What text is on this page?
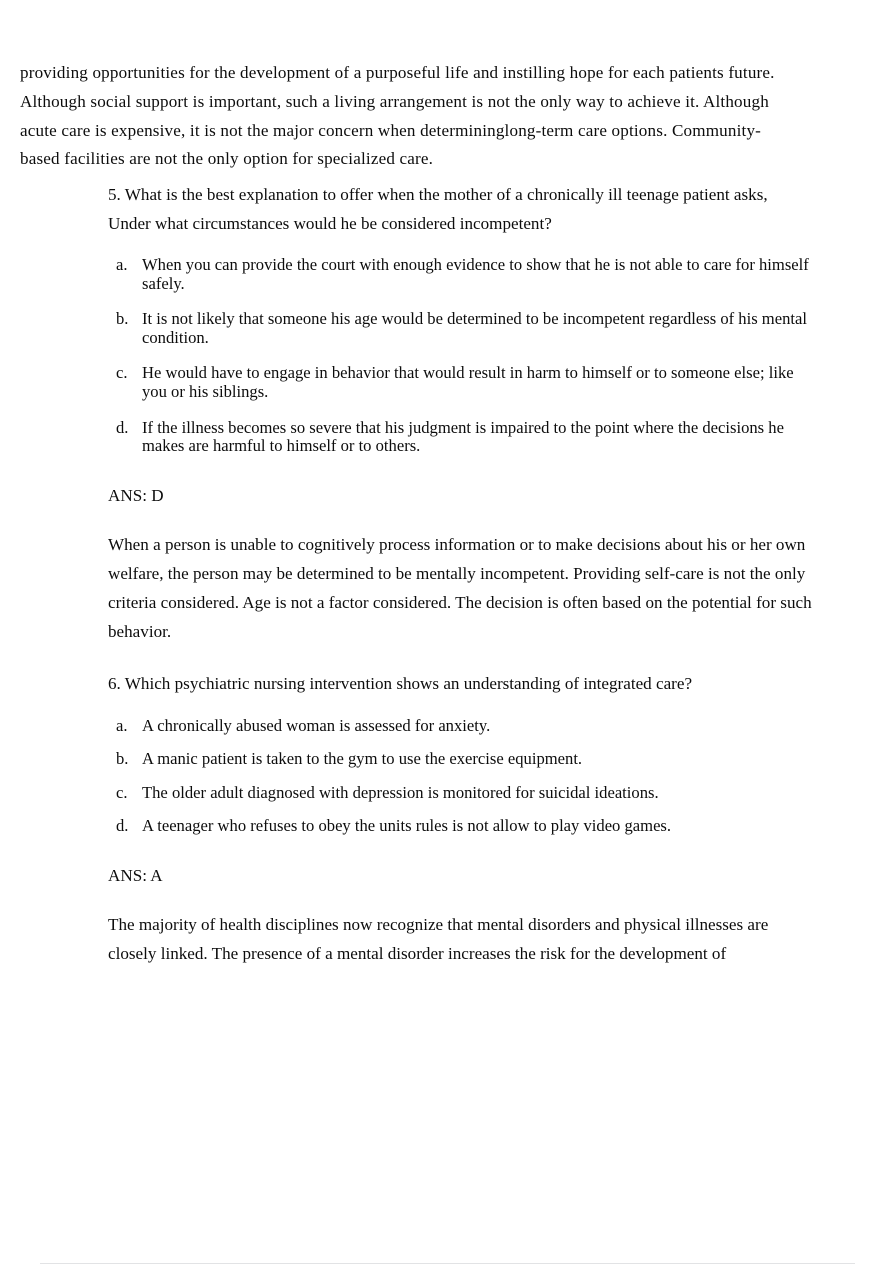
providing opportunities for the development of a purposeful life and instilling hope for each patients future. Although social support is important, such a living arrangement is not the only way to achieve it. Although acute care is expensive, it is not the major concern when determininglong-term care options. Community-based facilities are not the only option for specialized care.

5. What is the best explanation to offer when the mother of a chronically ill teenage patient asks, Under what circumstances would he be considered incompetent?

a. When you can provide the court with enough evidence to show that he is not able to care for himself safely.
b. It is not likely that someone his age would be determined to be incompetent regardless of his mental condition.
c. He would have to engage in behavior that would result in harm to himself or to someone else; like you or his siblings.
d. If the illness becomes so severe that his judgment is impaired to the point where the decisions he makes are harmful to himself or to others.

ANS: D

When a person is unable to cognitively process information or to make decisions about his or her own welfare, the person may be determined to be mentally incompetent. Providing self-care is not the only criteria considered. Age is not a factor considered. The decision is often based on the potential for such behavior.

6. Which psychiatric nursing intervention shows an understanding of integrated care?

a. A chronically abused woman is assessed for anxiety.
b. A manic patient is taken to the gym to use the exercise equipment.
c. The older adult diagnosed with depression is monitored for suicidal ideations.
d. A teenager who refuses to obey the units rules is not allow to play video games.

ANS: A

The majority of health disciplines now recognize that mental disorders and physical illnesses are closely linked. The presence of a mental disorder increases the risk for the development of
